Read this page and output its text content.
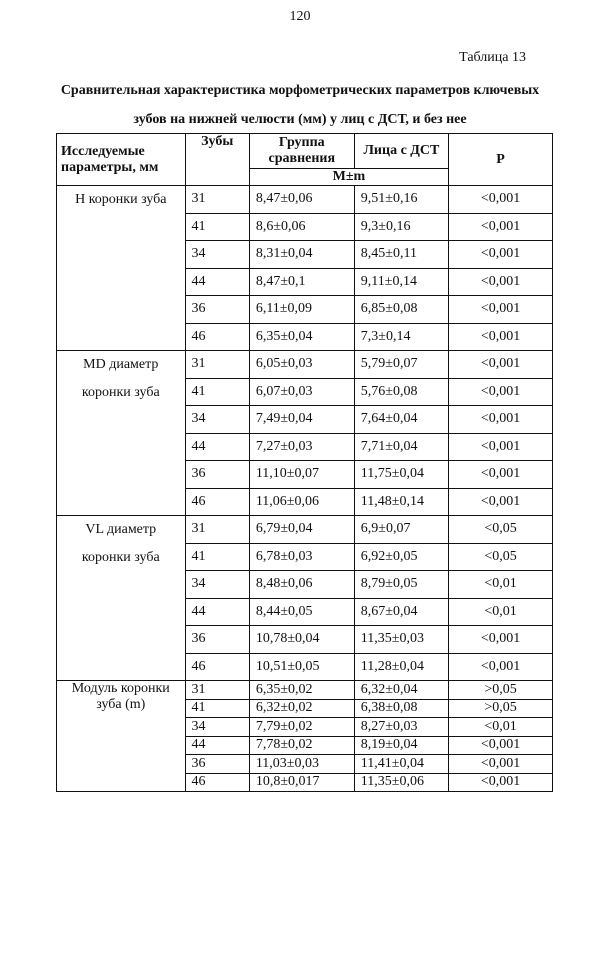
120
Таблица 13
Сравнительная характеристика морфометрических параметров ключевых зубов на нижней челюсти (мм) у лиц с ДСТ, и без нее
Исследуемые параметры, мм	Зубы	Группа сравнения	Лица с ДСТ	P
		M±m		
H коронки зуба	31	8,47±0,06	9,51±0,16	<0,001
	41	8,6±0,06	9,3±0,16	<0,001
	34	8,31±0,04	8,45±0,11	<0,001
	44	8,47±0,1	9,11±0,14	<0,001
	36	6,11±0,09	6,85±0,08	<0,001
	46	6,35±0,04	7,3±0,14	<0,001
MD диаметр коронки зуба	31	6,05±0,03	5,79±0,07	<0,001
	41	6,07±0,03	5,76±0,08	<0,001
	34	7,49±0,04	7,64±0,04	<0,001
	44	7,27±0,03	7,71±0,04	<0,001
	36	11,10±0,07	11,75±0,04	<0,001
	46	11,06±0,06	11,48±0,14	<0,001
VL диаметр коронки зуба	31	6,79±0,04	6,9±0,07	<0,05
	41	6,78±0,03	6,92±0,05	<0,05
	34	8,48±0,06	8,79±0,05	<0,01
	44	8,44±0,05	8,67±0,04	<0,01
	36	10,78±0,04	11,35±0,03	<0,001
	46	10,51±0,05	11,28±0,04	<0,001
Модуль коронки зуба (m)	31	6,35±0,02	6,32±0,04	>0,05
	41	6,32±0,02	6,38±0,08	>0,05
	34	7,79±0,02	8,27±0,03	<0,01
	44	7,78±0,02	8,19±0,04	<0,001
	36	11,03±0,03	11,41±0,04	<0,001
	46	10,8±0,017	11,35±0,06	<0,001
